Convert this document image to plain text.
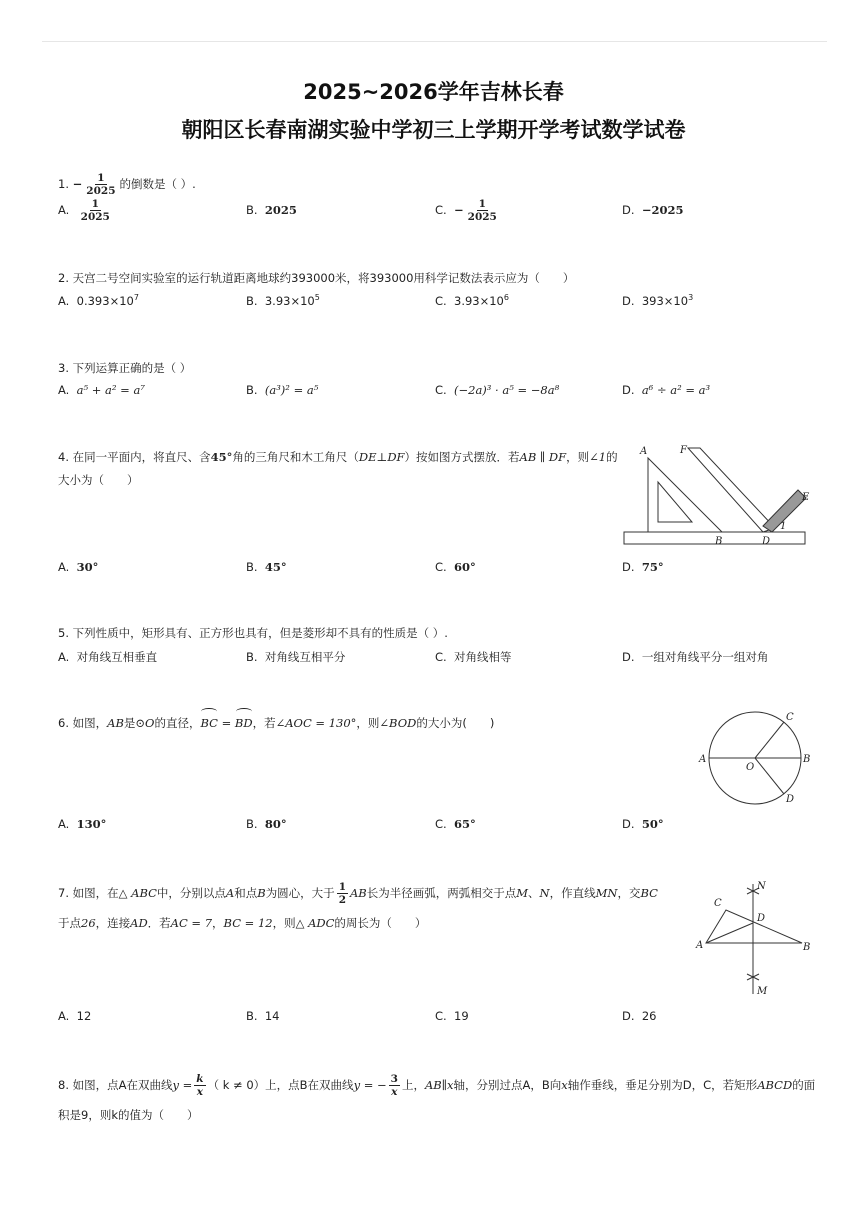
2025~2026学年吉林长春
朝阳区长春南湖实验中学初三上学期开学考试数学试卷
1. − $\frac{1}{2025}$ 的倒数是（ ）.
A. $\frac{1}{2025}$	B. 2025	C. − $\frac{1}{2025}$	D. −2025
2. 天宫二号空间实验室的运行轨道距离地球约393000米，将393000用科学记数法表示应为（　　）
A. $0.393\times 10^7$	B. $3.93\times 10^5$	C. $3.93\times 10^6$	D. $393\times 10^3$
3. 下列运算正确的是（ ）
A. a⁵ + a² = a⁷	B. (a³)² = a⁵	C. (−2a)³ · a⁵ = −8a⁸	D. a⁶ ÷ a² = a³
4. 在同一平面内，将直尺、含45°角的三角尺和木工角尺（DE⊥DF）按如图方式摆放．若AB ∥ DF，则∠1的大小为（　　）
A	F
E
B	D
1
A. 30°	B. 45°	C. 60°	D. 75°
5. 下列性质中，矩形具有、正方形也具有，但是菱形却不具有的性质是（ ）.
A. 对角线互相垂直	B. 对角线互相平分	C. 对角线相等	D. 一组对角线平分一组对角
6. 如图，AB是⊙O的直径，BC = BD，若∠AOC = 130°，则∠BOD的大小为(　　)
A	B
C
D
O
A. 130°	B. 80°	C. 65°	D. 50°
7. 如图，在△ ABC中，分别以点A和点B为圆心，大于 $\frac{1}{2}$ AB长为半径画弧，两弧相交于点M、N，作直线MN，交BC
于点26，连接AD．若AC = 7，BC = 12，则△ ADC的周长为（　　）
A	B
C
D
M
N
A. 12	B. 14	C. 19	D. 26
8. 如图，点A在双曲线$y = \frac{k}{x}$ （ k ≠ 0）上，点B在双曲线y = − $\frac{3}{x}$ 上，AB∥x轴，分别过点A，B向x轴作垂线，垂足分别为D，C，若矩形ABCD的面
积是9，则k的值为（　　）
